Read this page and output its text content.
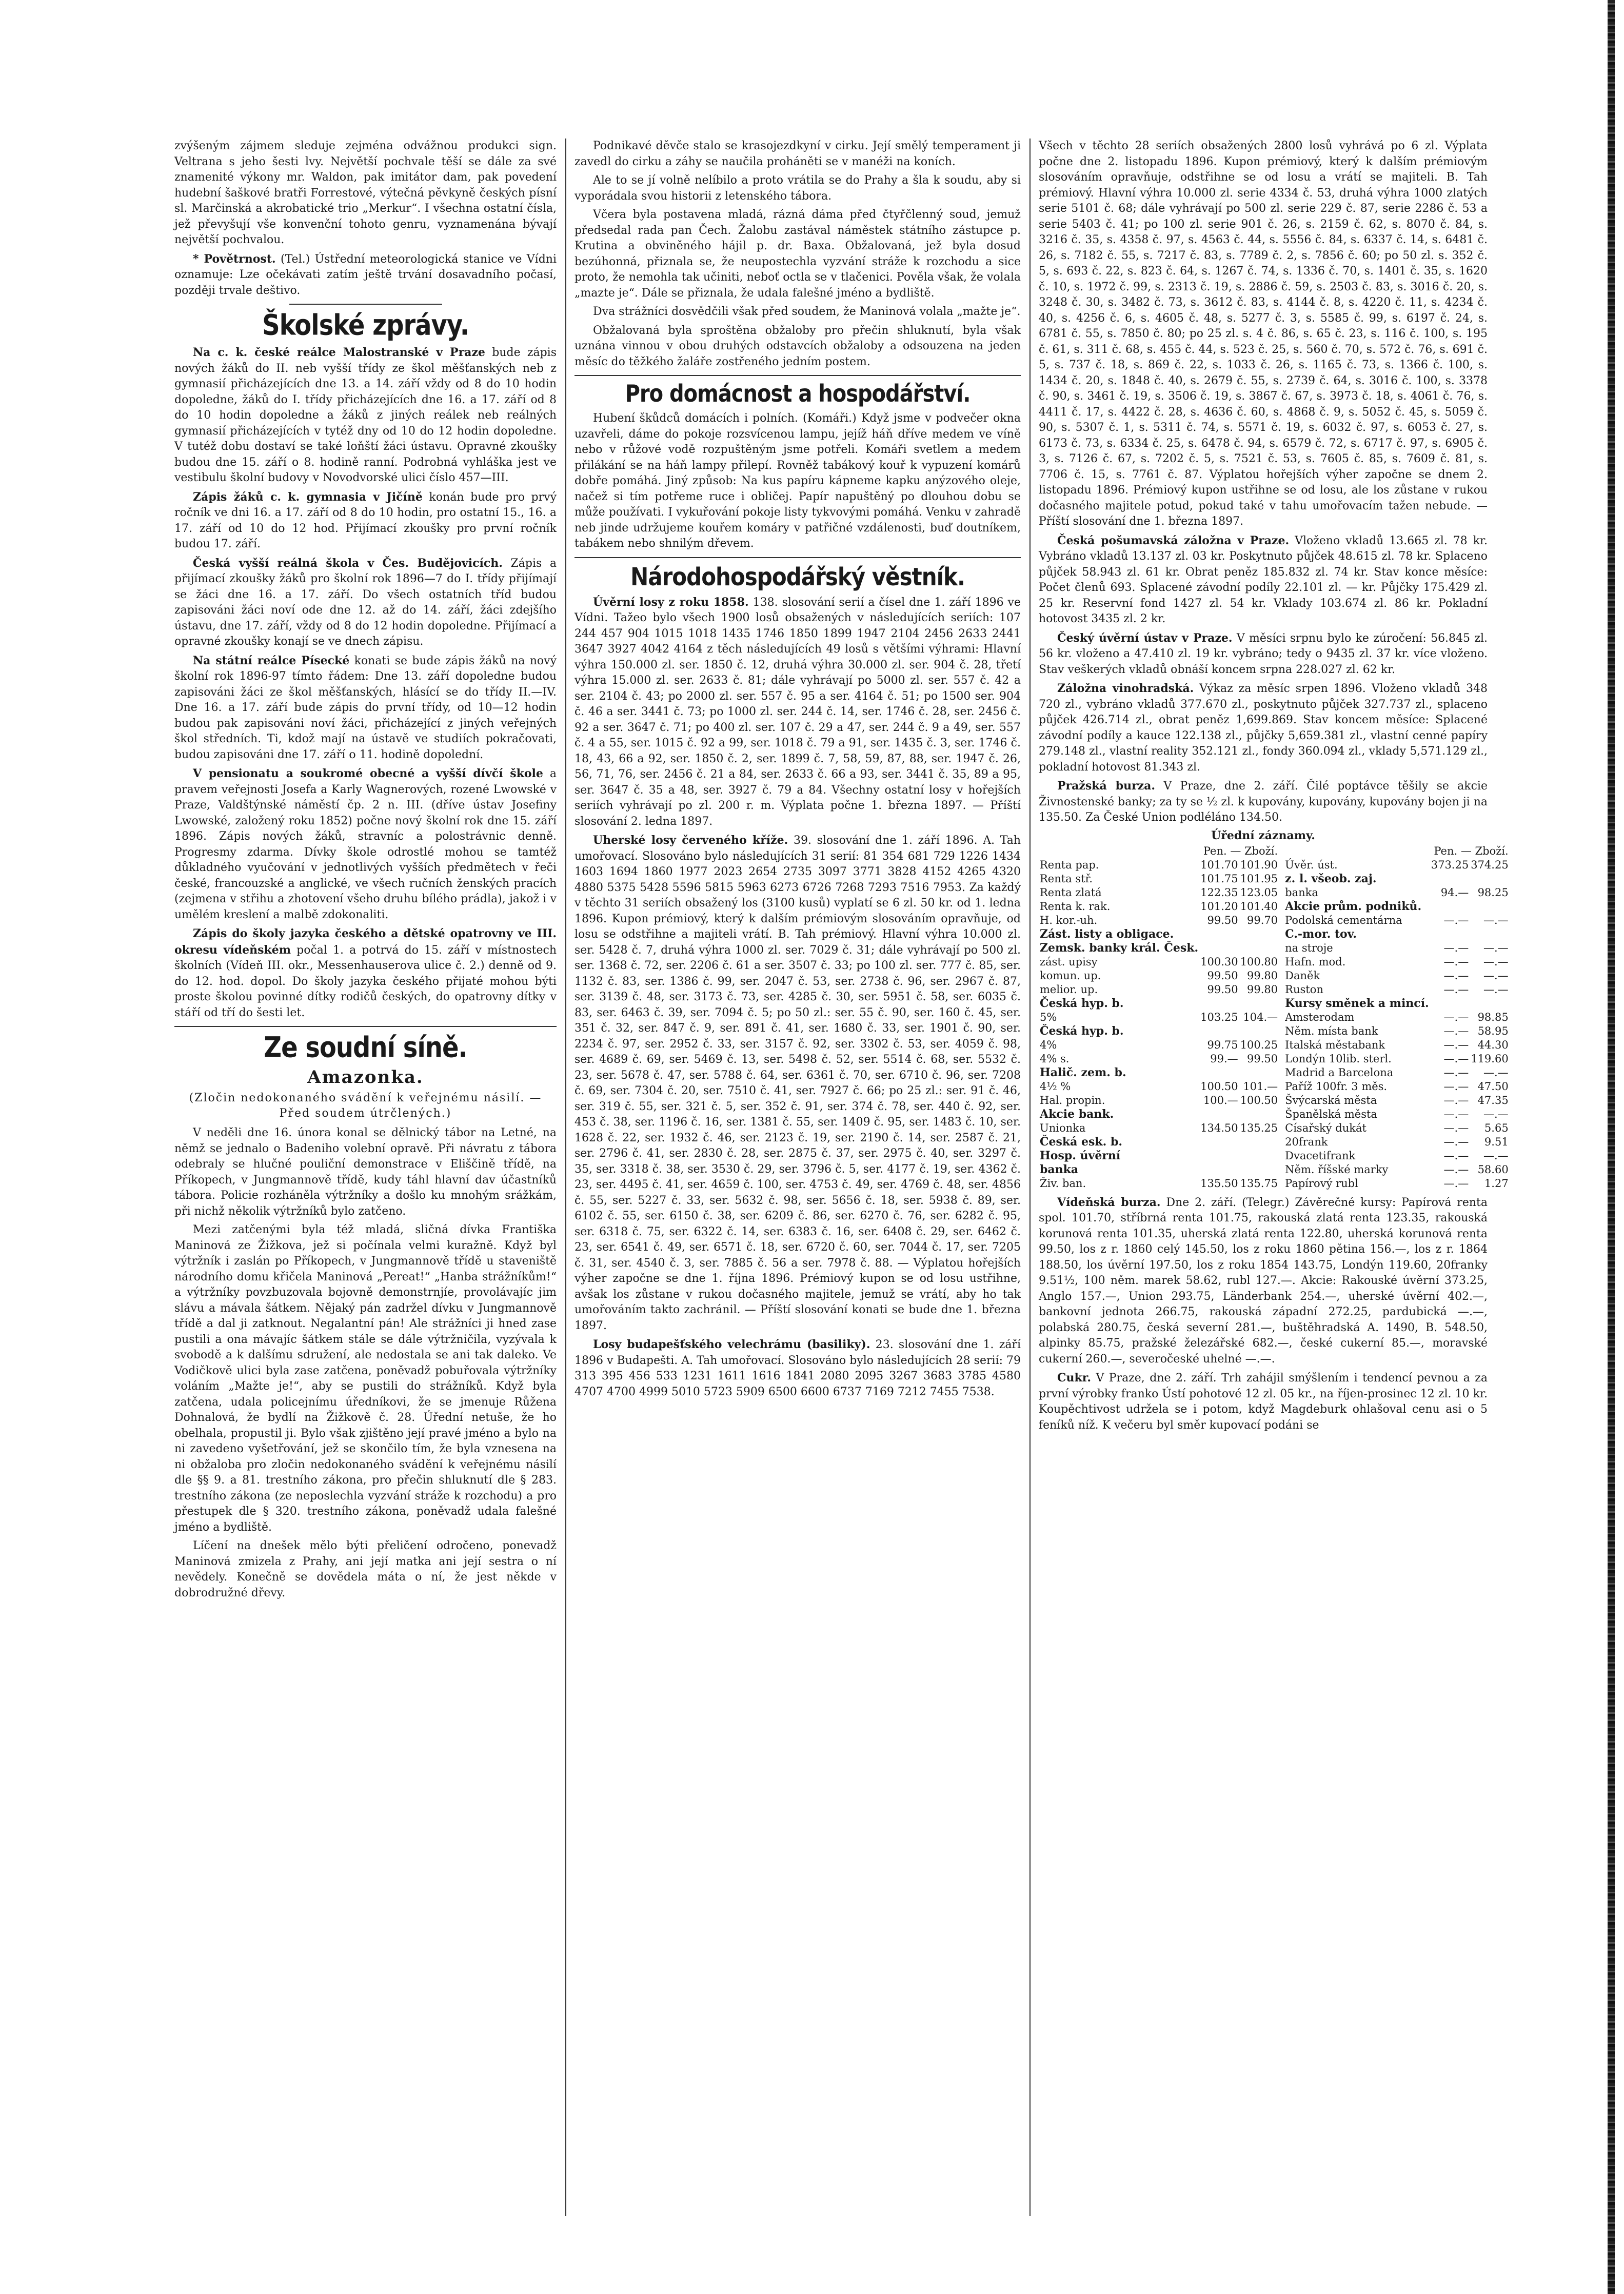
zvýšeným zájmem sleduje zejména odvážnou produkci sign. Veltrana s jeho šesti lvy. Největší pochvale těší se dále za své znamenité výkony mr. Waldon, pak imitátor dam, pak povedení hudební šaškové bratři Forrestové, výtečná pěvkyně českých písní sl. Marčinská a akrobatické trio „Merkur“. I všechna ostatní čísla, jež převyšují vše konvenční tohoto genru, vyznamenána bývají největší pochvalou.

* Povětrnost. (Tel.) Ústřední meteorologická stanice ve Vídni oznamuje: Lze očekávati zatím ještě trvání dosavadního počasí, později trvale deštivo.

Školské zprávy.

Na c. k. české reálce Malostranské v Praze bude zápis nových žáků do II. neb vyšší třídy ze škol měšťanských neb z gymnasií přicházejících dne 13. a 14. září vždy od 8 do 10 hodin dopoledne, žáků do I. třídy přicházejících dne 16. a 17. září od 8 do 10 hodin dopoledne a žáků z jiných reálek neb reálných gymnasií přicházejících v tytéž dny od 10 do 12 hodin dopoledne. V tutéž dobu dostaví se také loňští žáci ústavu. Opravné zkoušky budou dne 15. září o 8. hodině ranní. Podrobná vyhláška jest ve vestibulu školní budovy v Novodvorské ulici číslo 457—III.

Zápis žáků c. k. gymnasia v Jičíně konán bude pro prvý ročník ve dni 16. a 17. září od 8 do 10 hodin, pro ostatní 15., 16. a 17. září od 10 do 12 hod. Přijímací zkoušky pro první ročník budou 17. září.

Česká vyšší reálná škola v Čes. Budějovicích. Zápis a přijímací zkoušky žáků pro školní rok 1896—7 do I. třídy přijímají se žáci dne 16. a 17. září. Do všech ostatních tříd budou zapisováni žáci noví ode dne 12. až do 14. září, žáci zdejšího ústavu, dne 17. září, vždy od 8 do 12 hodin dopoledne. Přijímací a opravné zkoušky konají se ve dnech zápisu.

Na státní reálce Písecké konati se bude zápis žáků na nový školní rok 1896-97 tímto řádem: Dne 13. září dopoledne budou zapisováni žáci ze škol měšťanských, hlásící se do třídy II.—IV. Dne 16. a 17. září bude zápis do první třídy, od 10—12 hodin budou pak zapisováni noví žáci, přicházející z jiných veřejných škol středních. Ti, kdož mají na ústavě ve studiích pokračovati, budou zapisováni dne 17. září o 11. hodině dopolední.

V pensionatu a soukromé obecné a vyšší dívčí škole a pravem veřejnosti Josefa a Karly Wagnerových, rozené Lwowské v Praze, Valdštýnské náměstí čp. 2 n. III. (dříve ústav Josefiny Lwowské, založený roku 1852) počne nový školní rok dne 15. září 1896. Zápis nových žáků, stravníc a polostrávnic denně. Progresmy zdarma. Dívky škole odrostlé mohou se tamtéž důkladného vyučování v jednotlivých vyšších předmětech v řeči české, francouzské a anglické, ve všech ručních ženských pracích (zejmena v střihu a zhotovení všeho druhu bílého prádla), jakož i v umělém kreslení a malbě zdokonaliti.

Zápis do školy jazyka českého a dětské opatrovny ve III. okresu vídeňském počal 1. a potrvá do 15. září v místnostech školních (Vídeň III. okr., Messenhauserova ulice č. 2.) denně od 9. do 12. hod. dopol. Do školy jazyka českého přijaté mohou býti proste školou povinné dítky rodičů českých, do opatrovny dítky v stáří od tří do šesti let.

Ze soudní síně.
Amazonka.
(Zločin nedokonaného svádění k veřejnému násilí. — Před soudem útrčlených.)

V neděli dne 16. února konal se dělnický tábor na Letné, na němž se jednalo o Badeniho volební opravě. Při návratu z tábora odebraly se hlučné pouliční demonstrace v Eliščině třídě, na Příkopech, v Jungmannově třídě, kudy táhl hlavní dav účastníků tábora. Policie rozháněla výtržníky a došlo ku mnohým srážkám, při nichž několik výtržníků bylo zatčeno.

Mezi zatčenými byla též mladá, sličná dívka Františka Maninová ze Žižkova, jež si počínala velmi kuražně. Když byl výtržník i zaslán po Příkopech, v Jungmannově třídě u staveniště národního domu křičela Maninová „Pereat!“ „Hanba strážníkům!“ a výtržníky povzbuzovala bojovně demonstrnjíe, provolávajíc jim slávu a mávala šátkem. Nějaký pán zadržel dívku v Jungmannově třídě a dal ji zatknout. Negalantní pán! Ale strážníci ji hned zase pustili a ona mávajíc šátkem stále se dále výtržničila, vyzývala k svobodě a k dalšímu sdružení, ale nedostala se ani tak daleko. Ve Vodičkově ulici byla zase zatčena, poněvadž pobuřovala výtržníky voláním „Mažte je!“, aby se pustili do strážníků. Když byla zatčena, udala policejnímu úředníkovi, že se jmenuje Růžena Dohnalová, že bydlí na Žižkově č. 28. Úřední netuše, že ho obelhala, propustil ji. Bylo však zjištěno její pravé jméno a bylo na ni zavedeno vyšetřování, jež se skončilo tím, že byla vznesena na ni obžaloba pro zločin nedokonaného svádění k veřejnému násilí dle §§ 9. a 81. trestního zákona, pro přečin shluknutí dle § 283. trestního zákona (ze neposlechla vyzvání stráže k rozchodu) a pro přestupek dle § 320. trestního zákona, poněvadž udala falešné jméno a bydliště.

Líčení na dnešek mělo býti přeličení odročeno, ponevadž Maninová zmizela z Prahy, ani její matka ani její sestra o ní nevědely. Konečně se dovědela máta o ní, že jest někde v dobrodružné dřevy.

Podnikavé děvče stalo se krasojezdkyní v cirku. Její smělý temperament ji zavedl do cirku a záhy se naučila proháněti se v manéži na koních.

Ale to se jí volně nelíbilo a proto vrátila se do Prahy a šla k soudu, aby si vyporádala svou historii z letenského tábora.

Včera byla postavena mladá, rázná dáma před čtyřčlenný soud, jemuž předsedal rada pan Čech. Žalobu zastával náměstek státního zástupce p. Krutina a obviněného hájil p. dr. Baxa. Obžalovaná, jež byla dosud bezúhonná, přiznala se, že neupostechla vyzvání stráže k rozchodu a sice proto, že nemohla tak učiniti, neboť octla se v tlačenici. Pověla však, že volala „mazte je“. Dále se přiznala, že udala falešné jméno a bydliště.

Dva strážníci dosvědčili však před soudem, že Maninová volala „mažte je“.

Obžalovaná byla sproštěna obžaloby pro přečin shluknutí, byla však uznána vinnou v obou druhých odstavcích obžaloby a odsouzena na jeden měsíc do těžkého žaláře zostřeného jedním postem.

Pro domácnost a hospodářství.

Hubení škůdců domácích i polních. (Komáři.) Když jsme v podvečer okna uzavřeli, dáme do pokoje rozsvícenou lampu, jejíž háň dříve medem ve víně nebo v růžové vodě rozpuštěným jsme potřeli. Komáři svetlem a medem přilákání se na háň lampy přilepí. Rovněž tabákový kouř k vypuzení komárů dobře pomáhá. Jiný způsob: Na kus papíru kápneme kapku anýzového oleje, načež si tím potřeme ruce i obličej. Papír napuštěný po dlouhou dobu se může používati. I vykuřování pokoje listy tykvovými pomáhá. Venku v zahradě neb jinde udržujeme kouřem komáry v patřičné vzdálenosti, buď doutníkem, tabákem nebo shnilým dřevem.

Národohospodářský věstník.

Úvěrní losy z roku 1858. 138. slosování serií a čísel dne 1. září 1896 ve Vídni. Tažeo bylo všech 1900 losů obsažených v následujících seriích: 107 244 457 904 1015 1018 1435 1746 1850 1899 1947 2104 2456 2633 2441 3647 3927 4042 4164 z těch následujících 49 losů s většími výhrami: Hlavní výhra 150.000 zl. ser. 1850 č. 12, druhá výhra 30.000 zl. ser. 904 č. 28, třetí výhra 15.000 zl. ser. 2633 č. 81; dále vyhrávají po 5000 zl. ser. 557 č. 42 a ser. 2104 č. 43; po 2000 zl. ser. 557 č. 95 a ser. 4164 č. 51; po 1500 ser. 904 č. 46 a ser. 3441 č. 73; po 1000 zl. ser. 244 č. 14, ser. 1746 č. 28, ser. 2456 č. 92 a ser. 3647 č. 71; po 400 zl. ser. 107 č. 29 a 47, ser. 244 č. 9 a 49, ser. 557 č. 4 a 55, ser. 1015 č. 92 a 99, ser. 1018 č. 79 a 91, ser. 1435 č. 3, ser. 1746 č. 18, 43, 66 a 92, ser. 1850 č. 2, ser. 1899 č. 7, 58, 59, 87, 88, ser. 1947 č. 26, 56, 71, 76, ser. 2456 č. 21 a 84, ser. 2633 č. 66 a 93, ser. 3441 č. 35, 89 a 95, ser. 3647 č. 35 a 48, ser. 3927 č. 79 a 84. Všechny ostatní losy v hořejších seriích vyhrávají po zl. 200 r. m. Výplata počne 1. března 1897. — Příští slosování 2. ledna 1897.

Uherské losy červeného kříže. 39. slosování dne 1. září 1896. A. Tah umořovací. Slosováno bylo následujících 31 serií: 81 354 681 729 1226 1434 1603 1694 1860 1977 2023 2654 2735 3097 3771 3828 4152 4265 4320 4880 5375 5428 5596 5815 5963 6273 6726 7268 7293 7516 7953. Za každý v těchto 31 seriích obsažený los (3100 kusů) vyplatí se 6 zl. 50 kr. od 1. ledna 1896. Kupon prémiový, který k dalším prémiovým slosováním opravňuje, od losu se odstřihne a majiteli vrátí. B. Tah prémiový. Hlavní výhra 10.000 zl. ser. 5428 č. 7, druhá výhra 1000 zl. ser. 7029 č. 31; dále vyhrávají po 500 zl. ser. 1368 č. 72, ser. 2206 č. 61 a ser. 3507 č. 33; po 100 zl. ser. 777 č. 85, ser. 1132 č. 83, ser. 1386 č. 99, ser. 2047 č. 53, ser. 2738 č. 96, ser. 2967 č. 87, ser. 3139 č. 48, ser. 3173 č. 73, ser. 4285 č. 30, ser. 5951 č. 58, ser. 6035 č. 83, ser. 6463 č. 39, ser. 7094 č. 5; po 50 zl.: ser. 55 č. 90, ser. 160 č. 45, ser. 351 č. 32, ser. 847 č. 9, ser. 891 č. 41, ser. 1680 č. 33, ser. 1901 č. 90, ser. 2234 č. 97, ser. 2952 č. 33, ser. 3157 č. 92, ser. 3302 č. 53, ser. 4059 č. 98, ser. 4689 č. 69, ser. 5469 č. 13, ser. 5498 č. 52, ser. 5514 č. 68, ser. 5532 č. 23, ser. 5678 č. 47, ser. 5788 č. 64, ser. 6361 č. 70, ser. 6710 č. 96, ser. 7208 č. 69, ser. 7304 č. 20, ser. 7510 č. 41, ser. 7927 č. 66; po 25 zl.: ser. 91 č. 46, ser. 319 č. 55, ser. 321 č. 5, ser. 352 č. 91, ser. 374 č. 78, ser. 440 č. 92, ser. 453 č. 38, ser. 1196 č. 16, ser. 1381 č. 55, ser. 1409 č. 95, ser. 1483 č. 10, ser. 1628 č. 22, ser. 1932 č. 46, ser. 2123 č. 19, ser. 2190 č. 14, ser. 2587 č. 21, ser. 2796 č. 41, ser. 2830 č. 28, ser. 2875 č. 37, ser. 2975 č. 40, ser. 3297 č. 35, ser. 3318 č. 38, ser. 3530 č. 29, ser. 3796 č. 5, ser. 4177 č. 19, ser. 4362 č. 23, ser. 4495 č. 41, ser. 4659 č. 100, ser. 4753 č. 49, ser. 4769 č. 48, ser. 4856 č. 55, ser. 5227 č. 33, ser. 5632 č. 98, ser. 5656 č. 18, ser. 5938 č. 89, ser. 6102 č. 55, ser. 6150 č. 38, ser. 6209 č. 86, ser. 6270 č. 76, ser. 6282 č. 95, ser. 6318 č. 75, ser. 6322 č. 14, ser. 6383 č. 16, ser. 6408 č. 29, ser. 6462 č. 23, ser. 6541 č. 49, ser. 6571 č. 18, ser. 6720 č. 60, ser. 7044 č. 17, ser. 7205 č. 31, ser. 4540 č. 3, ser. 7885 č. 56 a ser. 7978 č. 88. — Výplatou hořejších výher započne se dne 1. října 1896. Prémiový kupon se od losu ustřihne, avšak los zůstane v rukou dočasného majitele, jemuž se vrátí, aby ho tak umořováním takto zachránil. — Příští slosování konati se bude dne 1. března 1897.

Losy budapešťského velechrámu (basiliky). 23. slosování dne 1. září 1896 v Budapešti. A. Tah umořovací. Slosováno bylo následujících 28 serií: 79 313 395 456 533 1231 1611 1616 1841 2080 2095 3267 3683 3785 4580 4707 4700 4999 5010 5723 5909 6500 6600 6737 7169 7212 7455 7538.

Všech v těchto 28 seriích obsažených 2800 losů vyhrává po 6 zl. Výplata počne dne 2. listopadu 1896. Kupon prémiový, který k dalším prémiovým slosováním opravňuje, odstřihne se od losu a vrátí se majiteli. B. Tah prémiový. Hlavní výhra 10.000 zl. serie 4334 č. 53, druhá výhra 1000 zlatých serie 5101 č. 68; dále vyhrávají po 500 zl. serie 229 č. 87, serie 2286 č. 53 a serie 5403 č. 41; po 100 zl. serie 901 č. 26, s. 2159 č. 62, s. 8070 č. 84, s. 3216 č. 35, s. 4358 č. 97, s. 4563 č. 44, s. 5556 č. 84, s. 6337 č. 14, s. 6481 č. 26, s. 7182 č. 55, s. 7217 č. 83, s. 7789 č. 2, s. 7856 č. 60; po 50 zl. s. 352 č. 5, s. 693 č. 22, s. 823 č. 64, s. 1267 č. 74, s. 1336 č. 70, s. 1401 č. 35, s. 1620 č. 10, s. 1972 č. 99, s. 2313 č. 19, s. 2886 č. 59, s. 2503 č. 83, s. 3016 č. 20, s. 3248 č. 30, s. 3482 č. 73, s. 3612 č. 83, s. 4144 č. 8, s. 4220 č. 11, s. 4234 č. 40, s. 4256 č. 6, s. 4605 č. 48, s. 5277 č. 3, s. 5585 č. 99, s. 6197 č. 24, s. 6781 č. 55, s. 7850 č. 80; po 25 zl. s. 4 č. 86, s. 65 č. 23, s. 116 č. 100, s. 195 č. 61, s. 311 č. 68, s. 455 č. 44, s. 523 č. 25, s. 560 č. 70, s. 572 č. 76, s. 691 č. 5, s. 737 č. 18, s. 869 č. 22, s. 1033 č. 26, s. 1165 č. 73, s. 1366 č. 100, s. 1434 č. 20, s. 1848 č. 40, s. 2679 č. 55, s. 2739 č. 64, s. 3016 č. 100, s. 3378 č. 90, s. 3461 č. 19, s. 3506 č. 19, s. 3867 č. 67, s. 3973 č. 18, s. 4061 č. 76, s. 4411 č. 17, s. 4422 č. 28, s. 4636 č. 60, s. 4868 č. 9, s. 5052 č. 45, s. 5059 č. 90, s. 5307 č. 1, s. 5311 č. 74, s. 5571 č. 19, s. 6032 č. 97, s. 6053 č. 27, s. 6173 č. 73, s. 6334 č. 25, s. 6478 č. 94, s. 6579 č. 72, s. 6717 č. 97, s. 6905 č. 3, s. 7126 č. 67, s. 7202 č. 5, s. 7521 č. 53, s. 7605 č. 85, s. 7609 č. 81, s. 7706 č. 15, s. 7761 č. 87. Výplatou hořejších výher započne se dnem 2. listopadu 1896. Prémiový kupon ustřihne se od losu, ale los zůstane v rukou dočasného majitele potud, pokud také v tahu umořovacím tažen nebude. — Příští slosování dne 1. března 1897.

Česká pošumavská záložna v Praze. Vloženo vkladů 13.665 zl. 78 kr. Vybráno vkladů 13.137 zl. 03 kr. Poskytnuto půjček 48.615 zl. 78 kr. Splaceno půjček 58.943 zl. 61 kr. Obrat peněz 185.832 zl. 74 kr. Stav konce měsíce: Počet členů 693. Splacené závodní podíly 22.101 zl. — kr. Půjčky 175.429 zl. 25 kr. Reservní fond 1427 zl. 54 kr. Vklady 103.674 zl. 86 kr. Pokladní hotovost 3435 zl. 2 kr.

Český úvěrní ústav v Praze. V měsíci srpnu bylo ke zúročení: 56.845 zl. 56 kr. vloženo a 47.410 zl. 19 kr. vybráno; tedy o 9435 zl. 37 kr. více vloženo. Stav veškerých vkladů obnáší koncem srpna 228.027 zl. 62 kr.

Záložna vinohradská. Výkaz za měsíc srpen 1896. Vloženo vkladů 348 720 zl., vybráno vkladů 377.670 zl., poskytnuto půjček 327.737 zl., splaceno půjček 426.714 zl., obrat peněz 1,699.869. Stav koncem měsíce: Splacené závodní podíly a kauce 122.138 zl., půjčky 5,659.381 zl., vlastní cenné papíry 279.148 zl., vlastní reality 352.121 zl., fondy 360.094 zl., vklady 5,571.129 zl., pokladní hotovost 81.343 zl.

Pražská burza. V Praze, dne 2. září. Čilé poptávce těšily se akcie Živnostenské banky; za ty se ½ zl. k kupovány, kupovány, kupovány bojen ji na 135.50. Za České Union podléláno 134.50.

Úřední záznamy.
	Pen. — Zboží.	
Renta pap.	101.70	101.90
Renta stř.	101.75	101.95
Renta zlatá	122.35	123.05
Renta k. rak.	101.20	101.40
H. kor.-uh.	99.50	99.70
Zást. listy a obligace.		
Zemsk. banky král. Česk.		
zást. upisy	100.30	100.80
komun. up.	99.50	99.80
melior. up.	99.50	99.80
Česká hyp. b.		
5%	103.25	104.—
Česká hyp. b.		
4%	99.75	100.25
4% s.	99.—	99.50
Halič. zem. b.		
4½ %	100.50	101.—
Hal. propin.	100.—	100.50
Akcie bank.		
Unionka	134.50	135.25
Česká esk. b.		
Hosp. úvěrní		
banka		
Živ. ban.	135.50	135.75
	Pen. — Zboží.	
Úvěr. úst.	373.25	374.25
z. l. všeob. zaj.		
banka	94.—	98.25
Akcie prům. podniků.		
Podolská cementárna	—.—	—.—
C.-mor. tov.		
na stroje	—.—	—.—
Hafn. mod.	—.—	—.—
Daněk	—.—	—.—
Ruston	—.—	—.—
Kursy směnek a mincí.		
Amsterodam	—.—	98.85
Něm. místa bank	—.—	58.95
Italská městabank	—.—	44.30
Londýn 10lib. sterl.	—.—	119.60
Madrid a Barcelona	—.—	—.—
Paříž 100fr. 3 měs.	—.—	47.50
Švýcarská města	—.—	47.35
Španělská města	—.—	—.—
Císařský dukát	—.—	5.65
20frank	—.—	9.51
Dvacetifrank	—.—	—.—
Něm. říšské marky	—.—	58.60
Papírový rubl	—.—	1.27

Vídeňská burza. Dne 2. září. (Telegr.) Závěrečné kursy: Papírová renta spol. 101.70, stříbrná renta 101.75, rakouská zlatá renta 123.35, rakouská korunová renta 101.35, uherská zlatá renta 122.80, uherská korunová renta 99.50, los z r. 1860 celý 145.50, los z roku 1860 pětina 156.—, los z r. 1864 188.50, los úvěrní 197.50, los z roku 1854 143.75, Londýn 119.60, 20franky 9.51½, 100 něm. marek 58.62, rubl 127.—. Akcie: Rakouské úvěrní 373.25, Anglo 157.—, Union 293.75, Länderbank 254.—, uherské úvěrní 402.—, bankovní jednota 266.75, rakouská západní 272.25, pardubická —.—, polabská 280.75, česká severní 281.—, buštěhradská A. 1490, B. 548.50, alpinky 85.75, pražské železářské 682.—, české cukerní 85.—, moravské cukerní 260.—, severočeské uhelné —.—.

Cukr. V Praze, dne 2. září. Trh zahájil smýšlením i tendencí pevnou a za první výrobky franko Ústí pohotové 12 zl. 05 kr., na říjen-prosinec 12 zl. 10 kr. Koupěchtivost udržela se i potom, když Magdeburk ohlašoval cenu asi o 5 feníků níž. K večeru byl směr kupovací podáni se
